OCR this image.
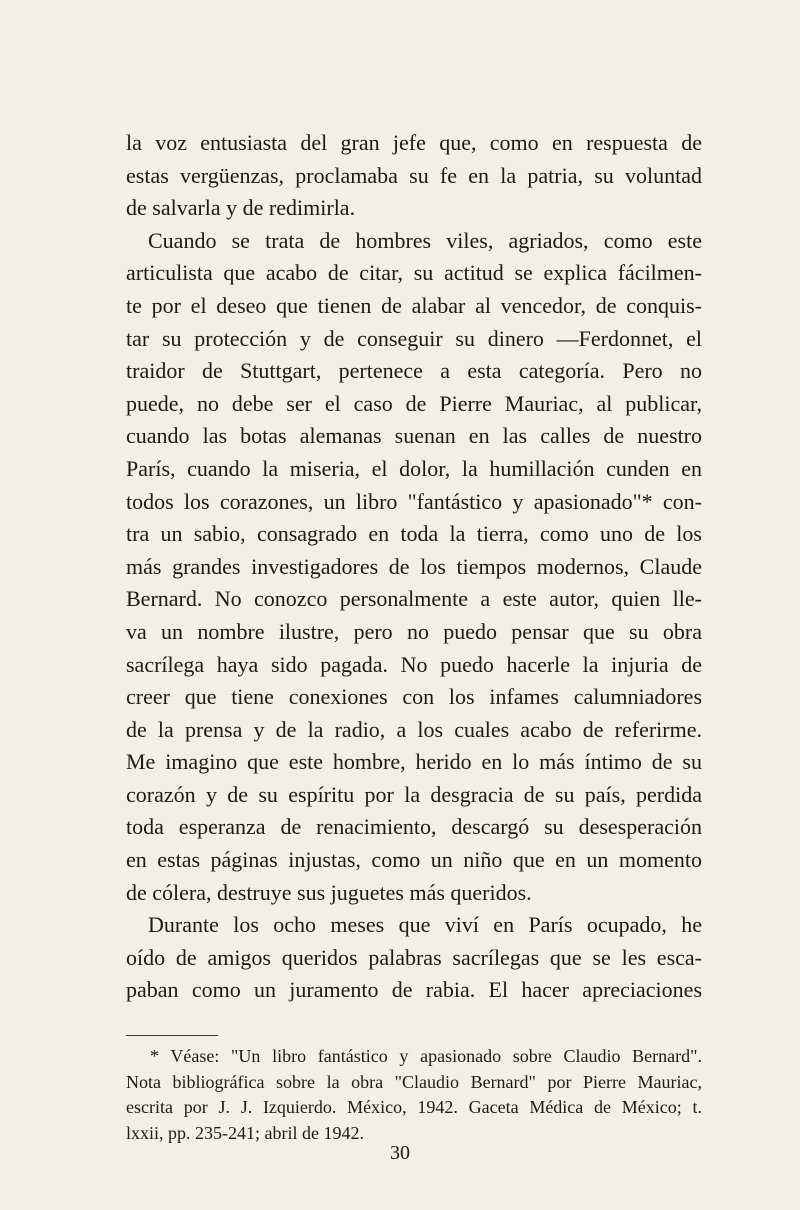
la voz entusiasta del gran jefe que, como en respuesta de
estas vergüenzas, proclamaba su fe en la patria, su voluntad
de salvarla y de redimirla.
Cuando se trata de hombres viles, agriados, como este
articulista que acabo de citar, su actitud se explica fácilmen-
te por el deseo que tienen de alabar al vencedor, de conquis-
tar su protección y de conseguir su dinero —Ferdonnet, el
traidor de Stuttgart, pertenece a esta categoría. Pero no
puede, no debe ser el caso de Pierre Mauriac, al publicar,
cuando las botas alemanas suenan en las calles de nuestro
París, cuando la miseria, el dolor, la humillación cunden en
todos los corazones, un libro "fantástico y apasionado"* con-
tra un sabio, consagrado en toda la tierra, como uno de los
más grandes investigadores de los tiempos modernos, Claude
Bernard. No conozco personalmente a este autor, quien lle-
va un nombre ilustre, pero no puedo pensar que su obra
sacrílega haya sido pagada. No puedo hacerle la injuria de
creer que tiene conexiones con los infames calumniadores
de la prensa y de la radio, a los cuales acabo de referirme.
Me imagino que este hombre, herido en lo más íntimo de su
corazón y de su espíritu por la desgracia de su país, perdida
toda esperanza de renacimiento, descargó su desesperación
en estas páginas injustas, como un niño que en un momento
de cólera, destruye sus juguetes más queridos.
Durante los ocho meses que viví en París ocupado, he
oído de amigos queridos palabras sacrílegas que se les esca-
paban como un juramento de rabia. El hacer apreciaciones
* Véase: "Un libro fantástico y apasionado sobre Claudio Bernard".
Nota bibliográfica sobre la obra "Claudio Bernard" por Pierre Mauriac,
escrita por J. J. Izquierdo. México, 1942. Gaceta Médica de México; t.
lxxii, pp. 235-241; abril de 1942.
30
